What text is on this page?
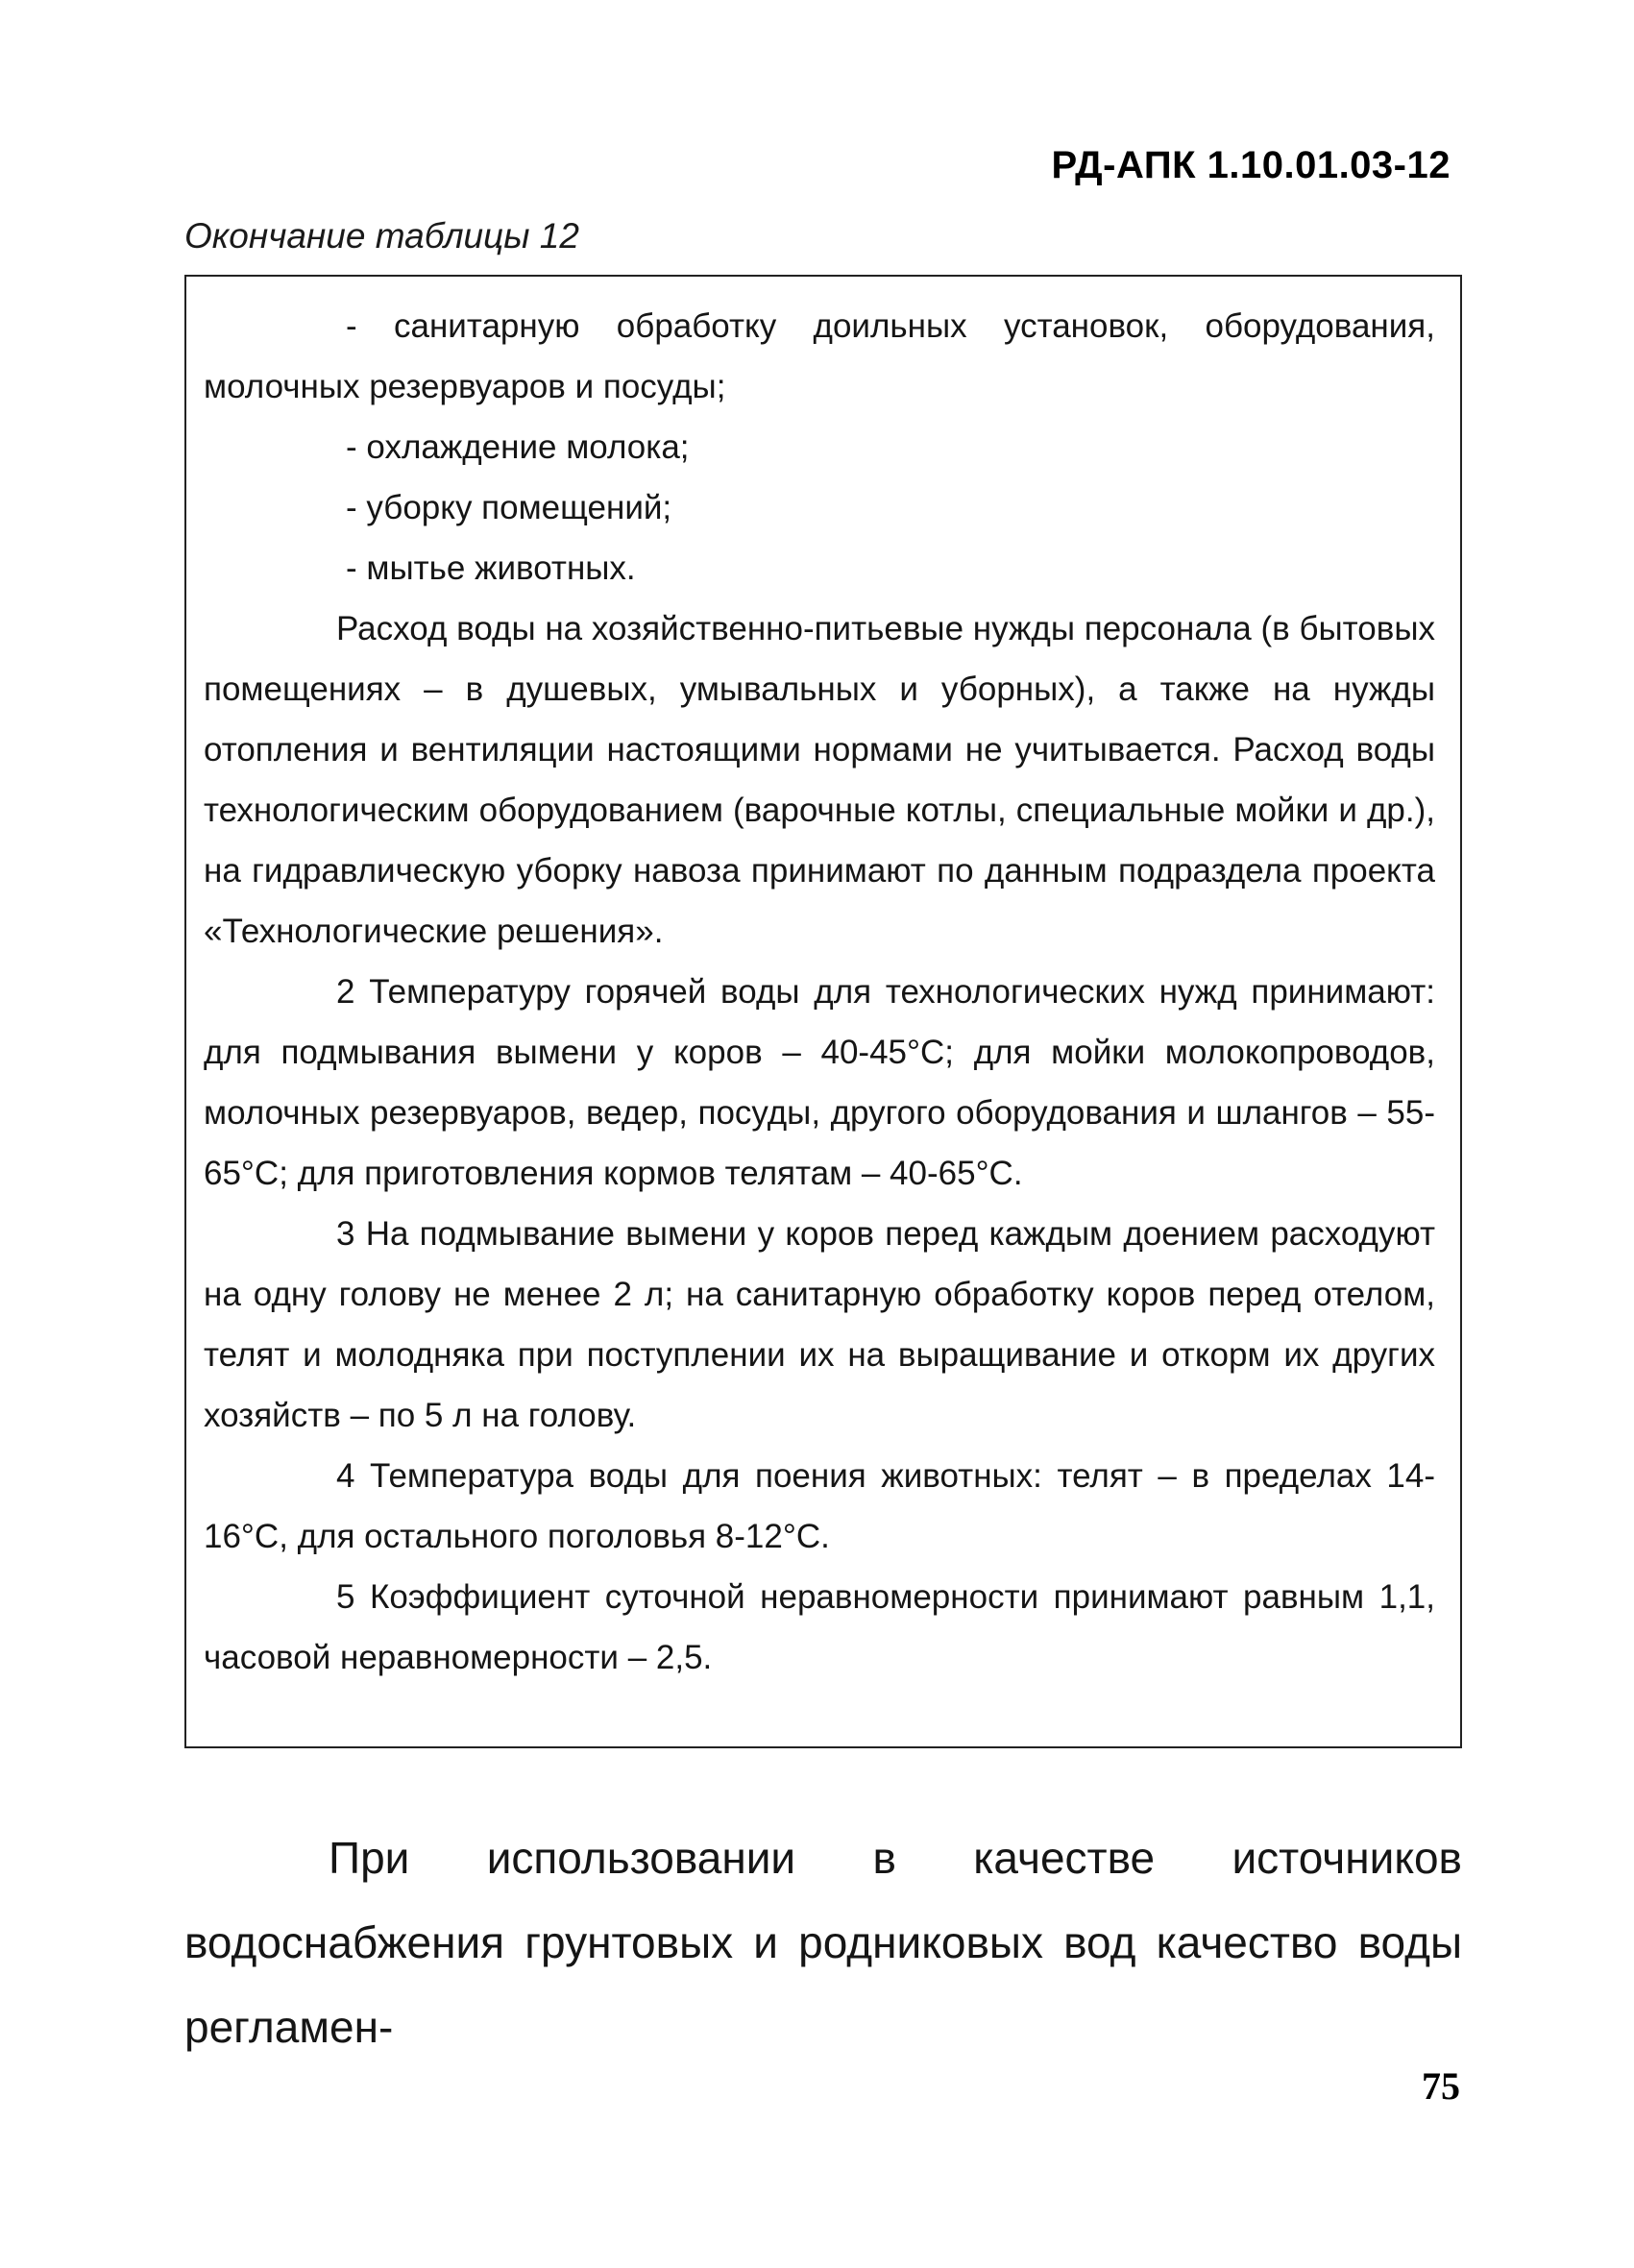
РД-АПК 1.10.01.03-12
Окончание таблицы 12

- санитарную обработку доильных установок, оборудования, молочных резервуаров и посуды;

- охлаждение молока;

- уборку помещений;

- мытье животных.

Расход воды на хозяйственно-питьевые нужды персонала (в бытовых помещениях – в душевых, умывальных и уборных), а также на нужды отопления и вентиляции настоящими нормами не учитывается. Расход воды технологическим оборудованием (варочные котлы, специальные мойки и др.), на гидравлическую уборку навоза принимают по данным подраздела проекта «Технологические решения».

2 Температуру горячей воды для технологических нужд принимают: для подмывания вымени у коров – 40-45°С; для мойки молокопроводов, молочных резервуаров, ведер, посуды, другого оборудования и шлангов – 55-65°С; для приготовления кормов телятам – 40-65°С.

3 На подмывание вымени у коров перед каждым доением расходуют на одну голову не менее 2 л; на санитарную обработку коров перед отелом, телят и молодняка при поступлении их на выращивание и откорм их других хозяйств – по 5 л на голову.

4 Температура воды для поения животных: телят – в пределах 14-16°С, для остального поголовья 8-12°С.

5 Коэффициент суточной неравномерности принимают равным 1,1, часовой неравномерности – 2,5.

При использовании в качестве источников водоснабжения грунтовых и родниковых вод качество воды регламен-

75
